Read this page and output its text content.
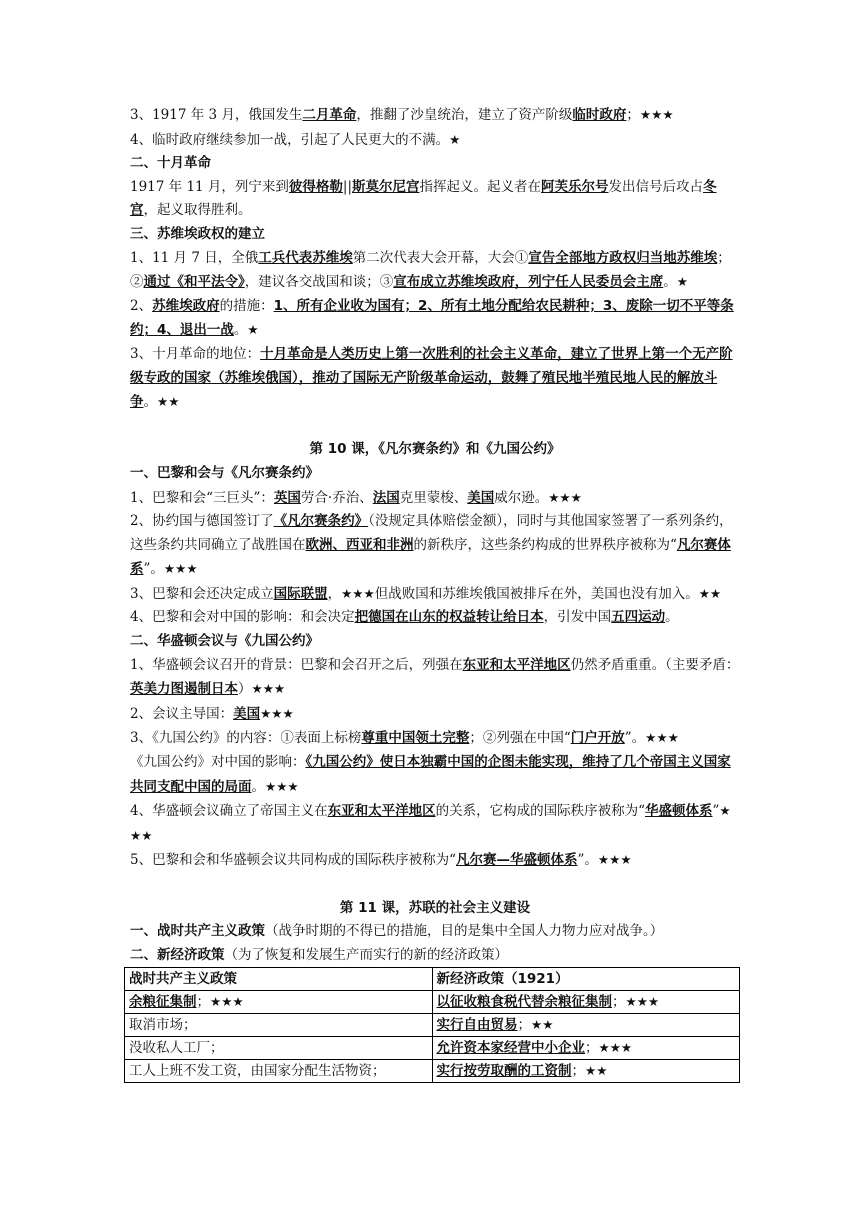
3、1917 年 3 月，俄国发生二月革命，推翻了沙皇统治，建立了资产阶级临时政府；★★★
4、临时政府继续参加一战，引起了人民更大的不满。★
二、十月革命
1917 年 11 月，列宁来到彼得格勒||斯莫尔尼宫指挥起义。起义者在阿芙乐尔号发出信号后攻占冬宫，起义取得胜利。
三、苏维埃政权的建立
1、11 月 7 日，全俄工兵代表苏维埃第二次代表大会开幕，大会①宣告全部地方政权归当地苏维埃；②通过《和平法令》，建议各交战国和谈；③宣布成立苏维埃政府，列宁任人民委员会主席。★
2、苏维埃政府的措施：1、所有企业收为国有；2、所有土地分配给农民耕种；3、废除一切不平等条约；4、退出一战。★
3、十月革命的地位：十月革命是人类历史上第一次胜利的社会主义革命，建立了世界上第一个无产阶级专政的国家（苏维埃俄国），推动了国际无产阶级革命运动，鼓舞了殖民地半殖民地人民的解放斗争。★★
第 10 课，《凡尔赛条约》和《九国公约》
一、巴黎和会与《凡尔赛条约》
1、巴黎和会“三巨头”：英国劳合·乔治、法国克里蒙梭、美国威尔逊。★★★
2、协约国与德国签订了《凡尔赛条约》（没规定具体赔偿金额），同时与其他国家签署了一系列条约，这些条约共同确立了战胜国在欧洲、西亚和非洲的新秩序，这些条约构成的世界秩序被称为“凡尔赛体系”。★★★
3、巴黎和会还决定成立国际联盟，★★★但战败国和苏维埃俄国被排斥在外，美国也没有加入。★★
4、巴黎和会对中国的影响：和会决定把德国在山东的权益转让给日本，引发中国五四运动。
二、华盛顿会议与《九国公约》
1、华盛顿会议召开的背景：巴黎和会召开之后，列强在东亚和太平洋地区仍然矛盾重重。（主要矛盾：英美力图遏制日本）★★★
2、会议主导国：美国★★★
3、《九国公约》的内容：①表面上标榜尊重中国领土完整；②列强在中国“门户开放”。★★★
《九国公约》对中国的影响：《九国公约》使日本独霸中国的企图未能实现，维持了几个帝国主义国家共同支配中国的局面。★★★
4、华盛顿会议确立了帝国主义在东亚和太平洋地区的关系，它构成的国际秩序被称为“华盛顿体系”★★★
5、巴黎和会和华盛顿会议共同构成的国际秩序被称为“凡尔赛—华盛顿体系”。★★★
第 11 课，苏联的社会主义建设
一、战时共产主义政策（战争时期的不得已的措施，目的是集中全国人力物力应对战争。）
二、新经济政策（为了恢复和发展生产而实行的新的经济政策）
战时共产主义政策	新经济政策（1921）
余粮征集制；★★★	以征收粮食税代替余粮征集制；★★★
取消市场；	实行自由贸易；★★
没收私人工厂；	允许资本家经营中小企业；★★★
工人上班不发工资，由国家分配生活物资；	实行按劳取酬的工资制；★★
